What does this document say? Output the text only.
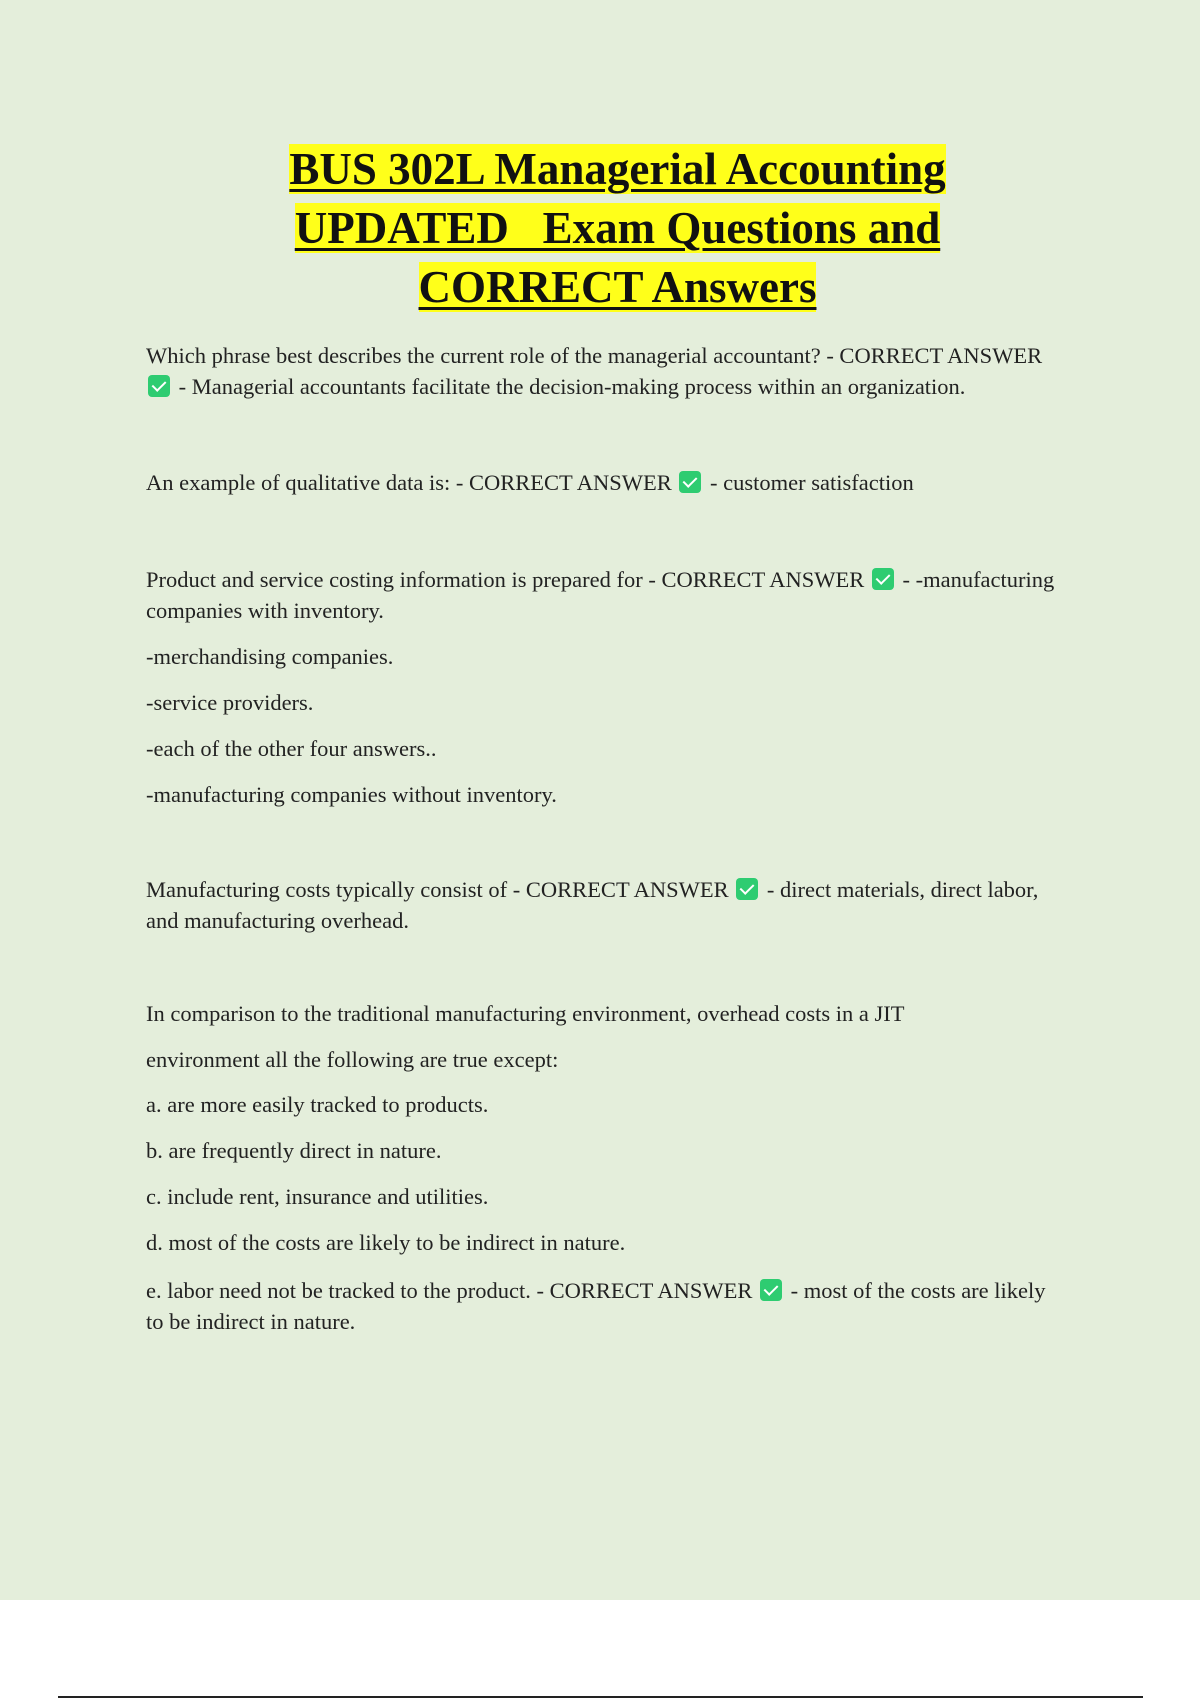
BUS 302L Managerial Accounting
UPDATED   Exam Questions and
CORRECT Answers

Which phrase best describes the current role of the managerial accountant? - CORRECT ANSWER  - Managerial accountants facilitate the decision-making process within an organization.

An example of qualitative data is: - CORRECT ANSWER - customer satisfaction

Product and service costing information is prepared for - CORRECT ANSWER - -manufacturing companies with inventory.

-merchandising companies.

-service providers.

-each of the other four answers..

-manufacturing companies without inventory.

Manufacturing costs typically consist of - CORRECT ANSWER - direct materials, direct labor, and manufacturing overhead.

In comparison to the traditional manufacturing environment, overhead costs in a JIT

environment all the following are true except:

a. are more easily tracked to products.

b. are frequently direct in nature.

c. include rent, insurance and utilities.

d. most of the costs are likely to be indirect in nature.

e. labor need not be tracked to the product. - CORRECT ANSWER - most of the costs are likely to be indirect in nature.
